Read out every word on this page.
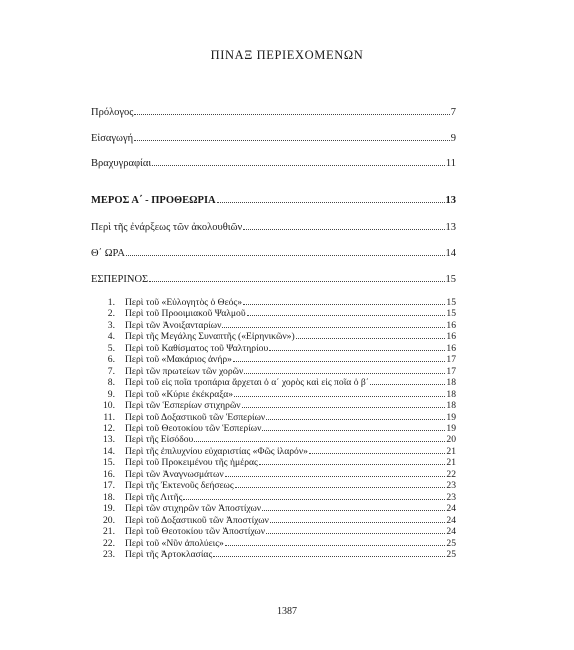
ΠΙΝΑΞ ΠΕΡΙΕΧΟΜΕΝΩΝ
Πρόλογος	7
Εἰσαγωγή	9
Βραχυγραφίαι	11
ΜΕΡΟΣ Α΄ - ΠΡΟΘΕΩΡΙΑ	13
Περὶ τῆς ἐνάρξεως τῶν ἀκολουθιῶν	13
Θ΄ ΩΡΑ	14
ΕΣΠΕΡΙΝΟΣ	15
1.	Περὶ τοῦ «Εὐλογητὸς ὁ Θεός»	15
2.	Περὶ τοῦ Προοιμιακοῦ Ψαλμοῦ	15
3.	Περὶ τῶν Ἀνοιξανταρίων	16
4.	Περὶ τῆς Μεγάλης Συναπτῆς («Εἰρηνικῶν»)	16
5.	Περὶ τοῦ Καθίσματος τοῦ Ψαλτηρίου	16
6.	Περὶ τοῦ «Μακάριος ἀνήρ»	17
7.	Περὶ τῶν πρωτείων τῶν χορῶν	17
8.	Περὶ τοῦ εἰς ποῖα τροπάρια ἄρχεται ὁ α΄ χορὸς καὶ εἰς ποῖα ὁ β΄	18
9.	Περὶ τοῦ «Κύριε ἐκέκραξα»	18
10.	Περὶ τῶν Ἑσπερίων στιχηρῶν	18
11.	Περὶ τοῦ Δοξαστικοῦ τῶν Ἑσπερίων	19
12.	Περὶ τοῦ Θεοτοκίου τῶν Ἑσπερίων	19
13.	Περὶ τῆς Εἰσόδου	20
14.	Περὶ τῆς ἐπιλυχνίου εὐχαριστίας «Φῶς ἱλαρόν»	21
15.	Περὶ τοῦ Προκειμένου τῆς ἡμέρας	21
16.	Περὶ τῶν Ἀναγνωσμάτων	22
17.	Περὶ τῆς Ἐκτενοῦς δεήσεως	23
18.	Περὶ τῆς Λιτῆς	23
19.	Περὶ τῶν στιχηρῶν τῶν Ἀποστίχων	24
20.	Περὶ τοῦ Δοξαστικοῦ τῶν Ἀποστίχων	24
21.	Περὶ τοῦ Θεοτοκίου τῶν Ἀποστίχων	24
22.	Περὶ τοῦ «Νῦν ἀπολύεις»	25
23.	Περὶ τῆς Ἀρτοκλασίας	25
1387
